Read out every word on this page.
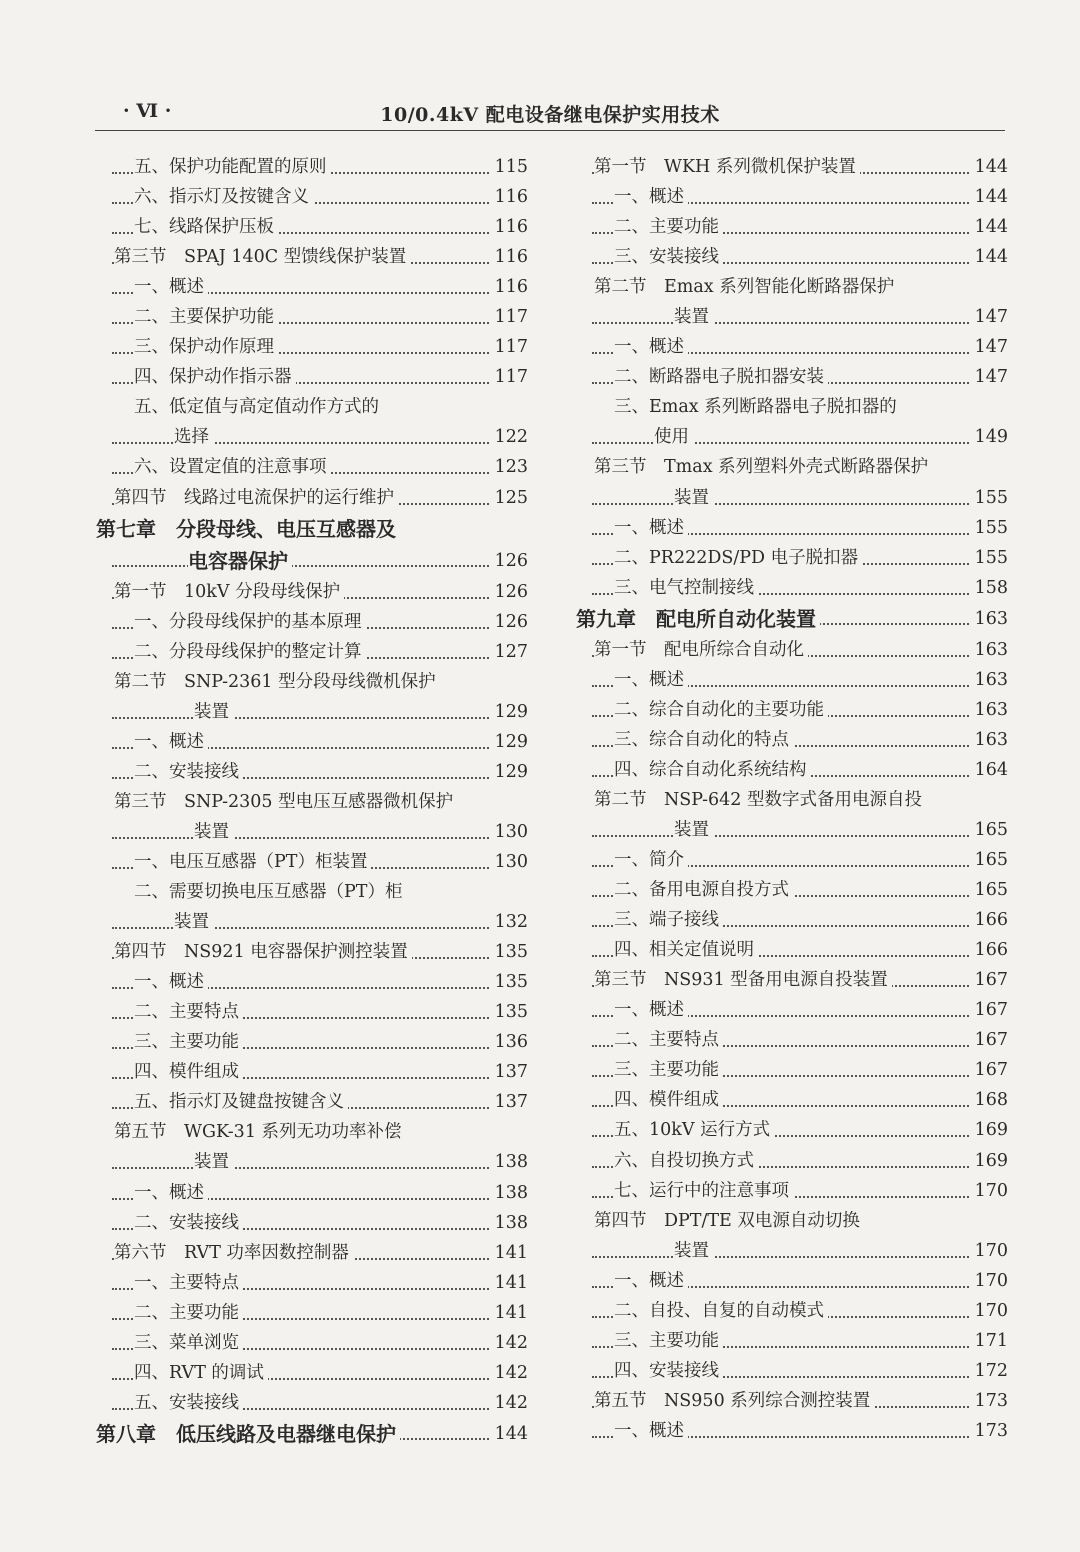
· Ⅵ ·	10/0.4kV 配电设备继电保护实用技术
五、保护功能配置的原则	115
六、指示灯及按键含义	116
七、线路保护压板	116
第三节　SPAJ 140C 型馈线保护装置	116
一、概述	116
二、主要保护功能	117
三、保护动作原理	117
四、保护动作指示器	117
五、低定值与高定值动作方式的
选择	122
六、设置定值的注意事项	123
第四节　线路过电流保护的运行维护	125
第七章　分段母线、电压互感器及
电容器保护	126
第一节　10kV 分段母线保护	126
一、分段母线保护的基本原理	126
二、分段母线保护的整定计算	127
第二节　SNP-2361 型分段母线微机保护
装置	129
一、概述	129
二、安装接线	129
第三节　SNP-2305 型电压互感器微机保护
装置	130
一、电压互感器（PT）柜装置	130
二、需要切换电压互感器（PT）柜
装置	132
第四节　NS921 电容器保护测控装置	135
一、概述	135
二、主要特点	135
三、主要功能	136
四、模件组成	137
五、指示灯及键盘按键含义	137
第五节　WGK-31 系列无功功率补偿
装置	138
一、概述	138
二、安装接线	138
第六节　RVT 功率因数控制器	141
一、主要特点	141
二、主要功能	141
三、菜单浏览	142
四、RVT 的调试	142
五、安装接线	142
第八章　低压线路及电器继电保护	144
第一节　WKH 系列微机保护装置	144
一、概述	144
二、主要功能	144
三、安装接线	144
第二节　Emax 系列智能化断路器保护
装置	147
一、概述	147
二、断路器电子脱扣器安装	147
三、Emax 系列断路器电子脱扣器的
使用	149
第三节　Tmax 系列塑料外壳式断路器保护
装置	155
一、概述	155
二、PR222DS/PD 电子脱扣器	155
三、电气控制接线	158
第九章　配电所自动化装置	163
第一节　配电所综合自动化	163
一、概述	163
二、综合自动化的主要功能	163
三、综合自动化的特点	163
四、综合自动化系统结构	164
第二节　NSP-642 型数字式备用电源自投
装置	165
一、简介	165
二、备用电源自投方式	165
三、端子接线	166
四、相关定值说明	166
第三节　NS931 型备用电源自投装置	167
一、概述	167
二、主要特点	167
三、主要功能	167
四、模件组成	168
五、10kV 运行方式	169
六、自投切换方式	169
七、运行中的注意事项	170
第四节　DPT/TE 双电源自动切换
装置	170
一、概述	170
二、自投、自复的自动模式	170
三、主要功能	171
四、安装接线	172
第五节　NS950 系列综合测控装置	173
一、概述	173
